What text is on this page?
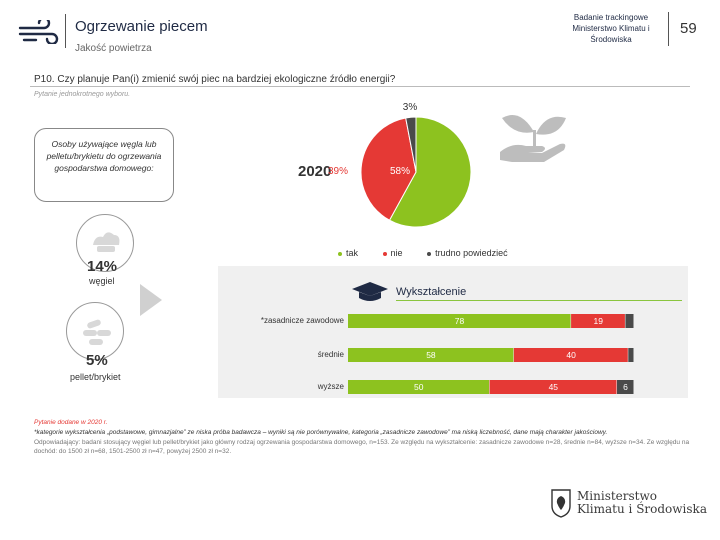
Ogrzewanie piecem
Jakość powietrza
Badanie trackingowe Ministerstwo Klimatu i Środowiska
59
P10. Czy planuje Pan(i) zmienić swój piec na bardziej ekologiczne źródło energii?
Pytanie jednokrotnego wyboru.
Osoby używające węgla lub pelletu/brykietu do ogrzewania gospodarstwa domowego:
14%
węgiel
5%
pellet/brykiet
2020	58%
39%
3%
tak	nie	trudno powiedzieć
Wykształcenie
*zasadnicze zawodowe
średnie
wyższe
78	19
58	40
50	45	6
Pytanie dodane w 2020 r.
*kategorie wykształcenia „podstawowe, gimnazjalne” ze niska próba badawcza – wyniki są nie porównywalne, kategoria „zasadnicze zawodowe” ma niską liczebność, dane mają charakter jakościowy.
Odpowiadający: badani stosujący węgiel lub pellet/brykiet jako główny rodzaj ogrzewania gospodarstwa domowego, n=153. Ze względu na wykształcenie: zasadnicze zawodowe n=28, średnie n=84, wyższe n=34. Ze względu na dochód: do 1500 zł n=68, 1501-2500 zł n=47, powyżej 2500 zł n=32.
Ministerstwo
Klimatu i Środowiska
